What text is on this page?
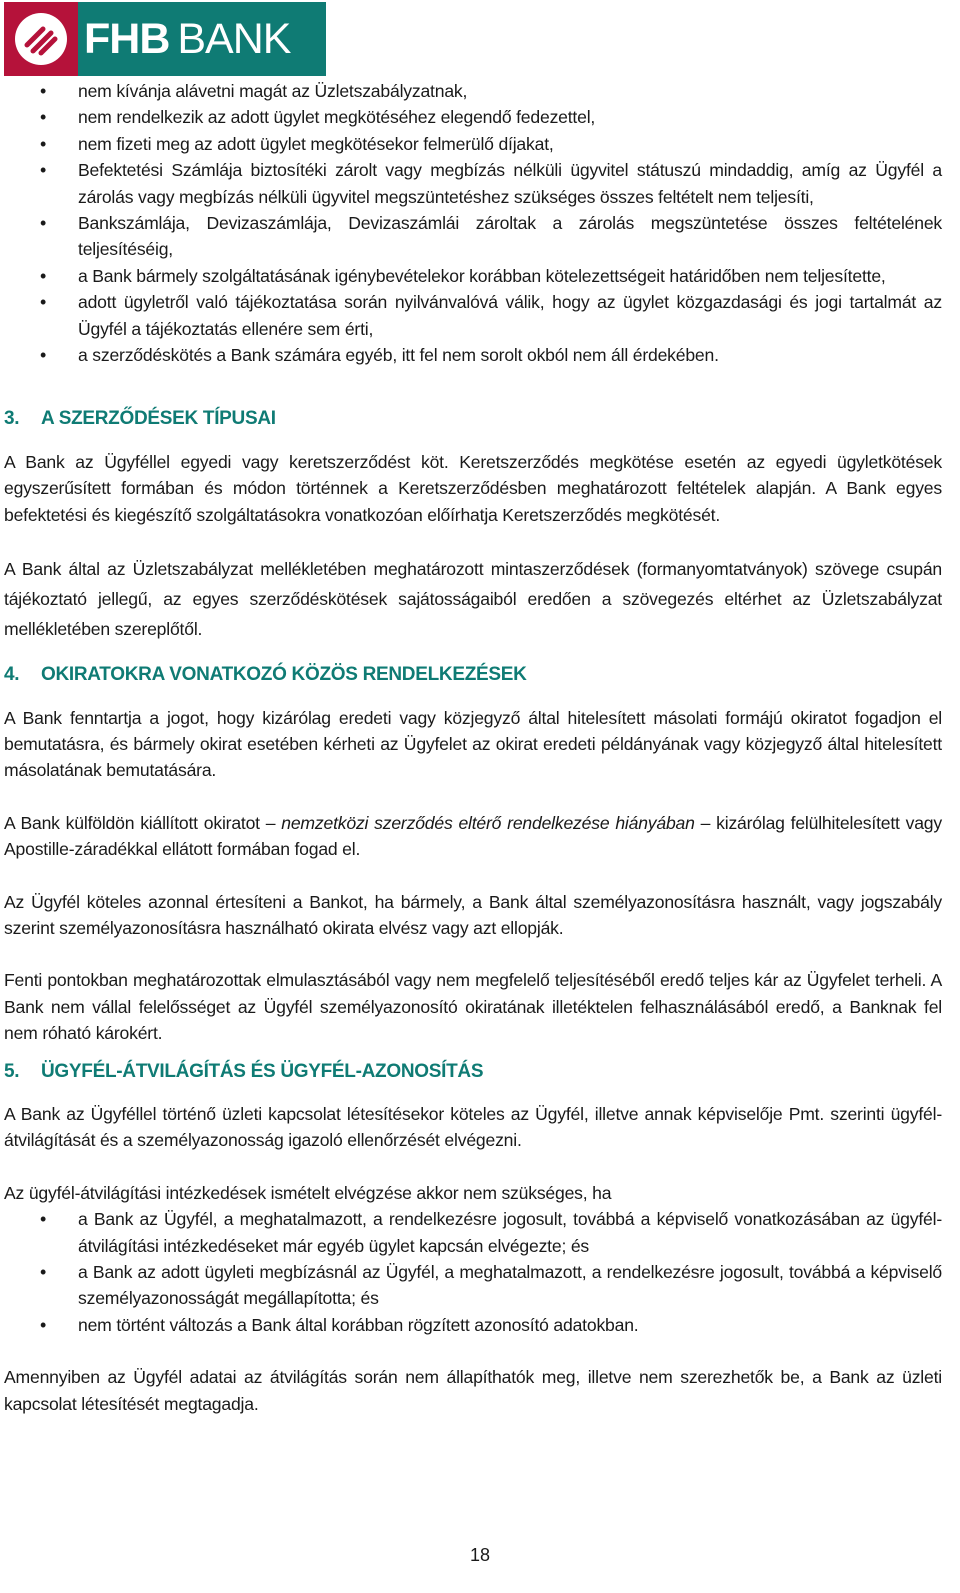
FHB BANK
• nem kívánja alávetni magát az Üzletszabályzatnak,
• nem rendelkezik az adott ügylet megkötéséhez elegendő fedezettel,
• nem fizeti meg az adott ügylet megkötésekor felmerülő díjakat,
• Befektetési Számlája biztosítéki zárolt vagy megbízás nélküli ügyvitel státuszú mindaddig, amíg az Ügyfél a zárolás vagy megbízás nélküli ügyvitel megszüntetéshez szükséges összes feltételt nem teljesíti,
• Bankszámlája, Devizaszámlája, Devizaszámlái zároltak a zárolás megszüntetése összes feltételének teljesítéséig,
• a Bank bármely szolgáltatásának igénybevételekor korábban kötelezettségeit határidőben nem teljesítette,
• adott ügyletről való tájékoztatása során nyilvánvalóvá válik, hogy az ügylet közgazdasági és jogi tartalmát az Ügyfél a tájékoztatás ellenére sem érti,
• a szerződéskötés a Bank számára egyéb, itt fel nem sorolt okból nem áll érdekében.
3.	A SZERZŐDÉSEK TÍPUSAI

A Bank az Ügyféllel egyedi vagy keretszerződést köt. Keretszerződés megkötése esetén az egyedi ügyletkötések egyszerűsített formában és módon történnek a Keretszerződésben meghatározott feltételek alapján. A Bank egyes befektetési és kiegészítő szolgáltatásokra vonatkozóan előírhatja Keretszerződés megkötését.

A Bank által az Üzletszabályzat mellékletében meghatározott mintaszerződések (formanyomtatványok) szövege csupán tájékoztató jellegű, az egyes szerződéskötések sajátosságaiból eredően a szövegezés eltérhet az Üzletszabályzat mellékletében szereplőtől.

4.	OKIRATOKRA VONATKOZÓ KÖZÖS RENDELKEZÉSEK

A Bank fenntartja a jogot, hogy kizárólag eredeti vagy közjegyző által hitelesített másolati formájú okiratot fogadjon el bemutatásra, és bármely okirat esetében kérheti az Ügyfelet az okirat eredeti példányának vagy közjegyző által hitelesített másolatának bemutatására.

A Bank külföldön kiállított okiratot – nemzetközi szerződés eltérő rendelkezése hiányában – kizárólag felülhitelesített vagy Apostille-záradékkal ellátott formában fogad el.

Az Ügyfél köteles azonnal értesíteni a Bankot, ha bármely, a Bank által személyazonosításra használt, vagy jogszabály szerint személyazonosításra használható okirata elvész vagy azt ellopják.

Fenti pontokban meghatározottak elmulasztásából vagy nem megfelelő teljesítéséből eredő teljes kár az Ügyfelet terheli. A Bank nem vállal felelősséget az Ügyfél személyazonosító okiratának illetéktelen felhasználásából eredő, a Banknak fel nem róható károkért.

5.	ÜGYFÉL-ÁTVILÁGÍTÁS ÉS ÜGYFÉL-AZONOSÍTÁS

A Bank az Ügyféllel történő üzleti kapcsolat létesítésekor köteles az Ügyfél, illetve annak képviselője Pmt. szerinti ügyfél-átvilágítását és a személyazonosság igazoló ellenőrzését elvégezni.

Az ügyfél-átvilágítási intézkedések ismételt elvégzése akkor nem szükséges, ha

• a Bank az Ügyfél, a meghatalmazott, a rendelkezésre jogosult, továbbá a képviselő vonatkozásában az ügyfél-átvilágítási intézkedéseket már egyéb ügylet kapcsán elvégezte; és
• a Bank az adott ügyleti megbízásnál az Ügyfél, a meghatalmazott, a rendelkezésre jogosult, továbbá a képviselő személyazonosságát megállapította; és
• nem történt változás a Bank által korábban rögzített azonosító adatokban.

Amennyiben az Ügyfél adatai az átvilágítás során nem állapíthatók meg, illetve nem szerezhetők be, a Bank az üzleti kapcsolat létesítését megtagadja.

18
